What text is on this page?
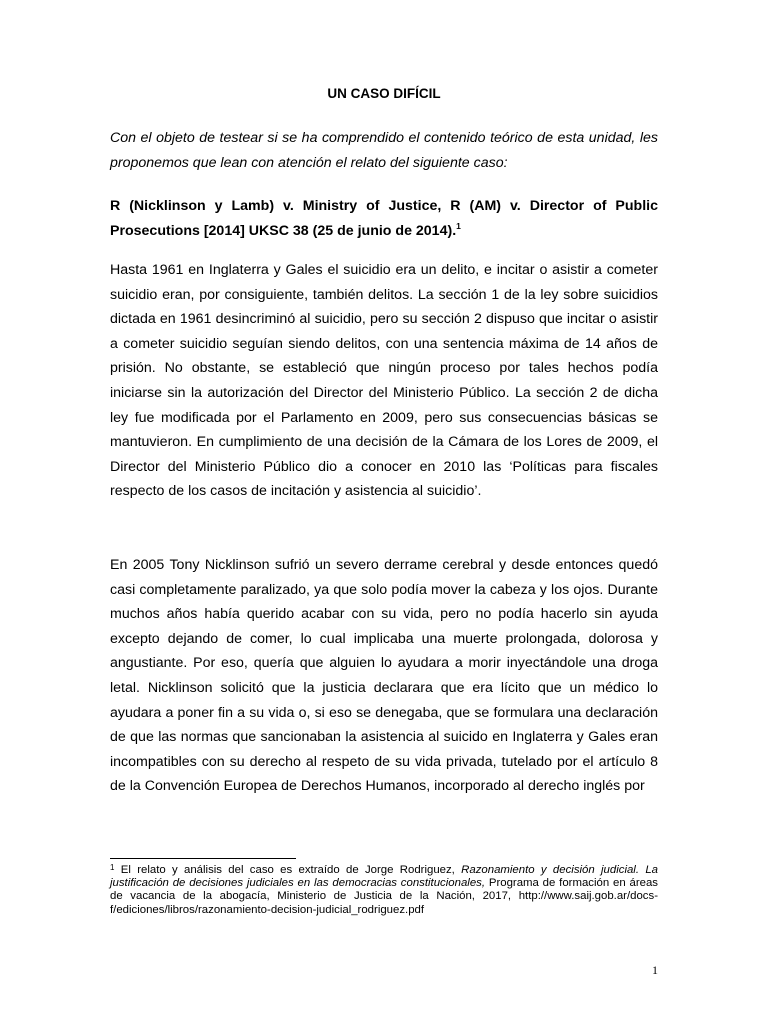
UN CASO DIFÍCIL
Con el objeto de testear si se ha comprendido el contenido teórico de esta unidad, les proponemos que lean con atención el relato del siguiente caso:
R (Nicklinson y Lamb) v. Ministry of Justice, R (AM) v. Director of Public Prosecutions [2014] UKSC 38 (25 de junio de 2014).$^1$

Hasta 1961 en Inglaterra y Gales el suicidio era un delito, e incitar o asistir a cometer suicidio eran, por consiguiente, también delitos. La sección 1 de la ley sobre suicidios dictada en 1961 desincriminó al suicidio, pero su sección 2 dispuso que incitar o asistir a cometer suicidio seguían siendo delitos, con una sentencia máxima de 14 años de prisión. No obstante, se estableció que ningún proceso por tales hechos podía iniciarse sin la autorización del Director del Ministerio Público. La sección 2 de dicha ley fue modificada por el Parlamento en 2009, pero sus consecuencias básicas se mantuvieron. En cumplimiento de una decisión de la Cámara de los Lores de 2009, el Director del Ministerio Público dio a conocer en 2010 las ‘Políticas para fiscales respecto de los casos de incitación y asistencia al suicidio’.

En 2005 Tony Nicklinson sufrió un severo derrame cerebral y desde entonces quedó casi completamente paralizado, ya que solo podía mover la cabeza y los ojos. Durante muchos años había querido acabar con su vida, pero no podía hacerlo sin ayuda excepto dejando de comer, lo cual implicaba una muerte prolongada, dolorosa y angustiante. Por eso, quería que alguien lo ayudara a morir inyectándole una droga letal. Nicklinson solicitó que la justicia declarara que era lícito que un médico lo ayudara a poner fin a su vida o, si eso se denegaba, que se formulara una declaración de que las normas que sancionaban la asistencia al suicido en Inglaterra y Gales eran incompatibles con su derecho al respeto de su vida privada, tutelado por el artículo 8 de la Convención Europea de Derechos Humanos, incorporado al derecho inglés por

$^1$ El relato y análisis del caso es extraído de Jorge Rodriguez, Razonamiento y decisión judicial. La justificación de decisiones judiciales en las democracias constitucionales, Programa de formación en áreas de vacancia de la abogacía, Ministerio de Justicia de la Nación, 2017, http://www.saij.gob.ar/docs-f/ediciones/libros/razonamiento-decision-judicial_rodriguez.pdf
1
